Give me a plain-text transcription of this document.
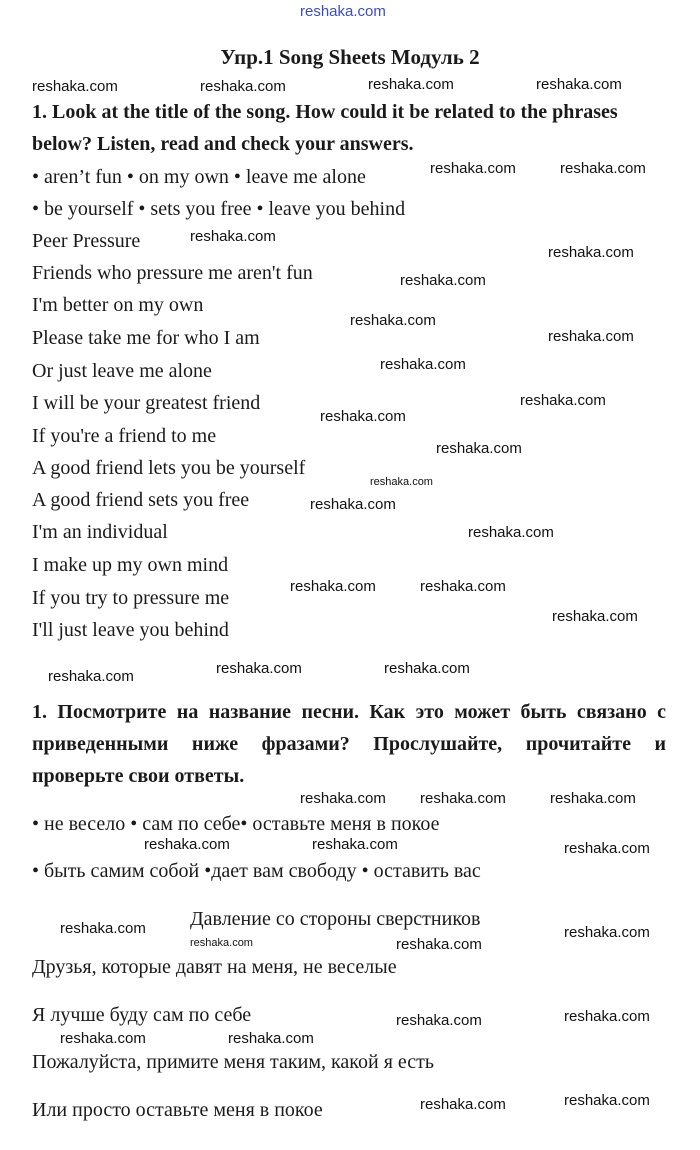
reshaka.com
Упр.1 Song Sheets Модуль 2
1. Look at the title of the song. How could it be related to the phrases
below? Listen, read and check your answers.
• aren’t fun • on my own • leave me alone
• be yourself • sets you free • leave you behind
Peer Pressure
Friends who pressure me aren't fun
I'm better on my own
Please take me for who I am
Or just leave me alone
I will be your greatest friend
If you're a friend to me
A good friend lets you be yourself
A good friend sets you free
I'm an individual
I make up my own mind
If you try to pressure me
I'll just leave you behind
1. Посмотрите на название песни. Как это может быть связано с
приведенными ниже фразами? Прослушайте, прочитайте и
проверьте свои ответы.
• не весело • сам по себе• оставьте меня в покое
• быть самим собой •дает вам свободу • оставить вас
Давление со стороны сверстников
Друзья, которые давят на меня, не веселые
Я лучше буду сам по себе
Пожалуйста, примите меня таким, какой я есть
Или просто оставьте меня в покое
reshaka.com	reshaka.com	reshaka.com	reshaka.com
reshaka.com	reshaka.com
reshaka.com
reshaka.com
reshaka.com
reshaka.com
reshaka.com
reshaka.com
reshaka.com
reshaka.com
reshaka.com
reshaka.com
reshaka.com
reshaka.com
reshaka.com	reshaka.com
reshaka.com
reshaka.com	reshaka.com	reshaka.com
reshaka.com reshaka.com	reshaka.com
reshaka.com	reshaka.com	reshaka.com
reshaka.com
reshaka.com	reshaka.com
reshaka.com
reshaka.com	reshaka.com
reshaka.com	reshaka.com
reshaka.com	reshaka.com
